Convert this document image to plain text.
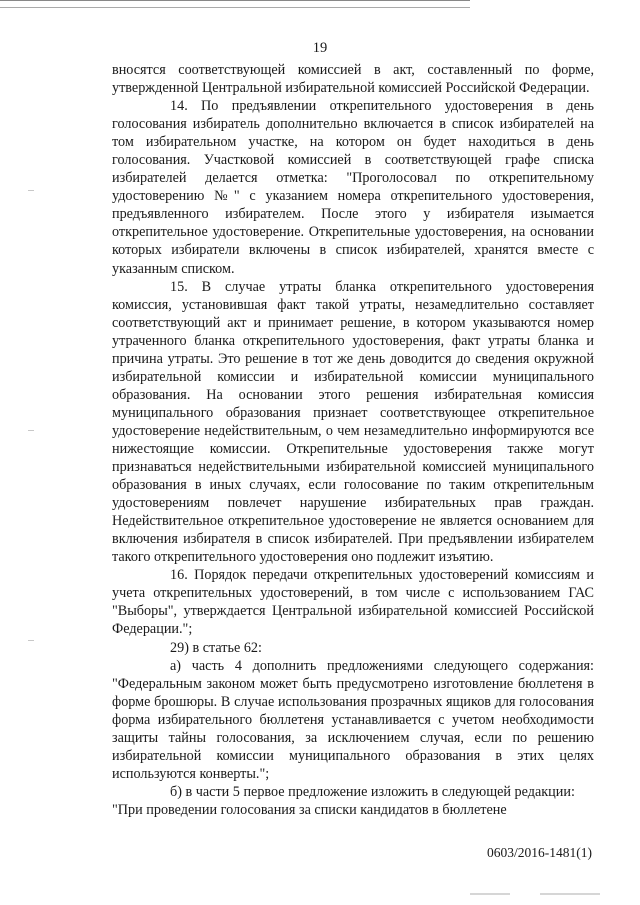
19

вносятся соответствующей комиссией в акт, составленный по форме, утвержденной Центральной избирательной комиссией Российской Федерации.

14. По предъявлении открепительного удостоверения в день голосования избиратель дополнительно включается в список избирателей на том избирательном участке, на котором он будет находиться в день голосования. Участковой комиссией в соответствующей графе списка избирателей делается отметка: "Проголосовал по открепительному удостоверению №" с указанием номера открепительного удостоверения, предъявленного избирателем. После этого у избирателя изымается открепительное удостоверение. Открепительные удостоверения, на основании которых избиратели включены в список избирателей, хранятся вместе с указанным списком.

15. В случае утраты бланка открепительного удостоверения комиссия, установившая факт такой утраты, незамедлительно составляет соответствующий акт и принимает решение, в котором указываются номер утраченного бланка открепительного удостоверения, факт утраты бланка и причина утраты. Это решение в тот же день доводится до сведения окружной избирательной комиссии и избирательной комиссии муниципального образования. На основании этого решения избирательная комиссия муниципального образования признает соответствующее открепительное удостоверение недействительным, о чем незамедлительно информируются все нижестоящие комиссии. Открепительные удостоверения также могут признаваться недействительными избирательной комиссией муниципального образования в иных случаях, если голосование по таким открепительным удостоверениям повлечет нарушение избирательных прав граждан. Недействительное открепительное удостоверение не является основанием для включения избирателя в список избирателей. При предъявлении избирателем такого открепительного удостоверения оно подлежит изъятию.

16. Порядок передачи открепительных удостоверений комиссиям и учета открепительных удостоверений, в том числе с использованием ГАС "Выборы", утверждается Центральной избирательной комиссией Российской Федерации.";

29) в статье 62:

а) часть 4 дополнить предложениями следующего содержания: "Федеральным законом может быть предусмотрено изготовление бюллетеня в форме брошюры. В случае использования прозрачных ящиков для голосования форма избирательного бюллетеня устанавливается с учетом необходимости защиты тайны голосования, за исключением случая, если по решению избирательной комиссии муниципального образования в этих целях используются конверты.";

б) в части 5 первое предложение изложить в следующей редакции:

"При проведении голосования за списки кандидатов в бюллетене

0603/2016-1481(1)
